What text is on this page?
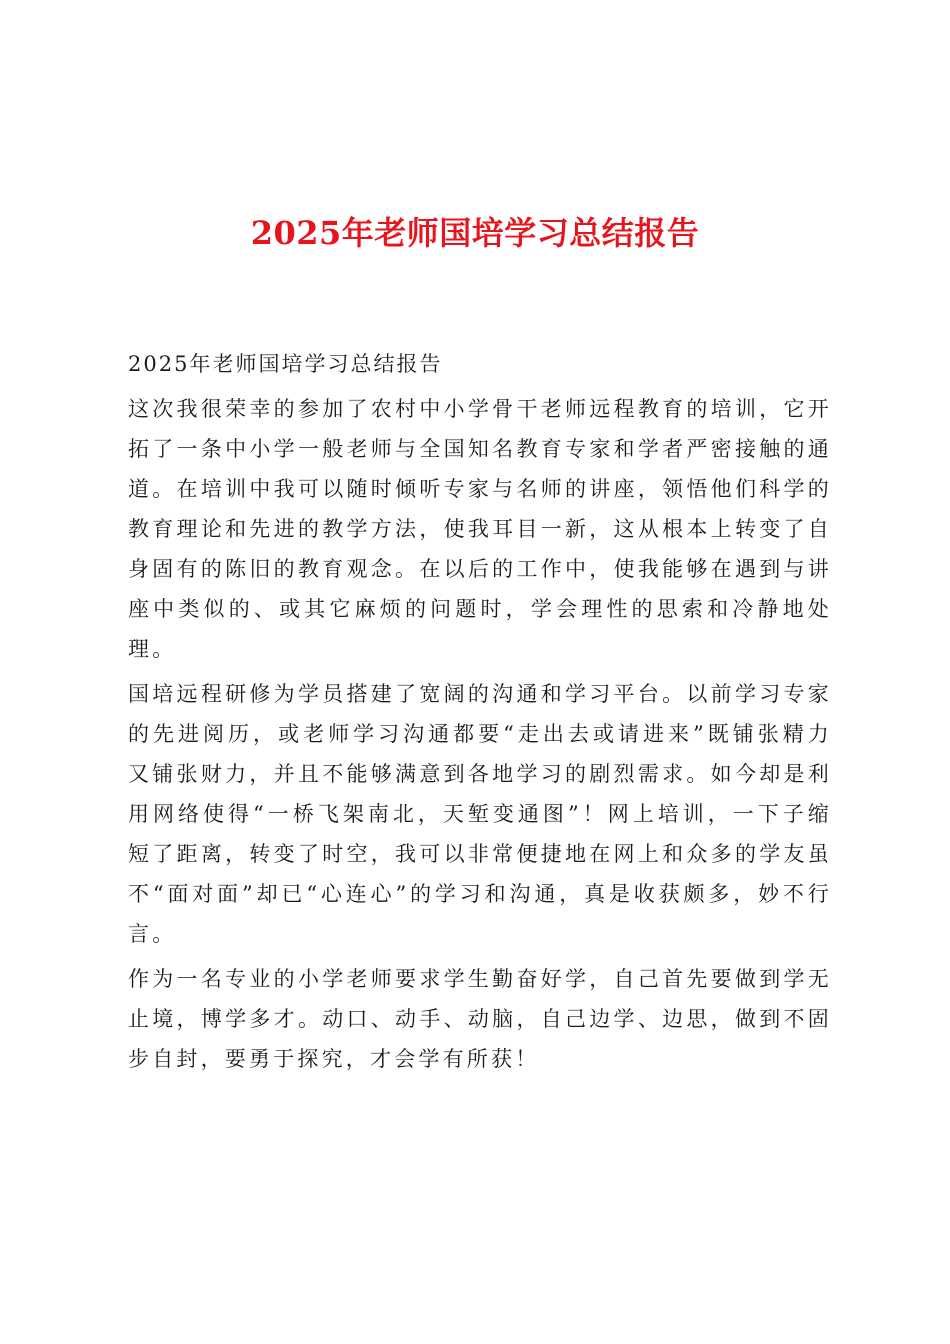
2025年老师国培学习总结报告

2025年老师国培学习总结报告

这次我很荣幸的参加了农村中小学骨干老师远程教育的培训，它开拓了一条中小学一般老师与全国知名教育专家和学者严密接触的通道。在培训中我可以随时倾听专家与名师的讲座，领悟他们科学的教育理论和先进的教学方法，使我耳目一新，这从根本上转变了自身固有的陈旧的教育观念。在以后的工作中，使我能够在遇到与讲座中类似的、或其它麻烦的问题时，学会理性的思索和冷静地处理。

国培远程研修为学员搭建了宽阔的沟通和学习平台。以前学习专家的先进阅历，或老师学习沟通都要“走出去或请进来”既铺张精力又铺张财力，并且不能够满意到各地学习的剧烈需求。如今却是利用网络使得“一桥飞架南北，天堑变通图”！网上培训，一下子缩短了距离，转变了时空，我可以非常便捷地在网上和众多的学友虽不“面对面”却已“心连心”的学习和沟通，真是收获颇多，妙不行言。

作为一名专业的小学老师要求学生勤奋好学，自己首先要做到学无止境，博学多才。动口、动手、动脑，自己边学、边思，做到不固步自封，要勇于探究，才会学有所获！
